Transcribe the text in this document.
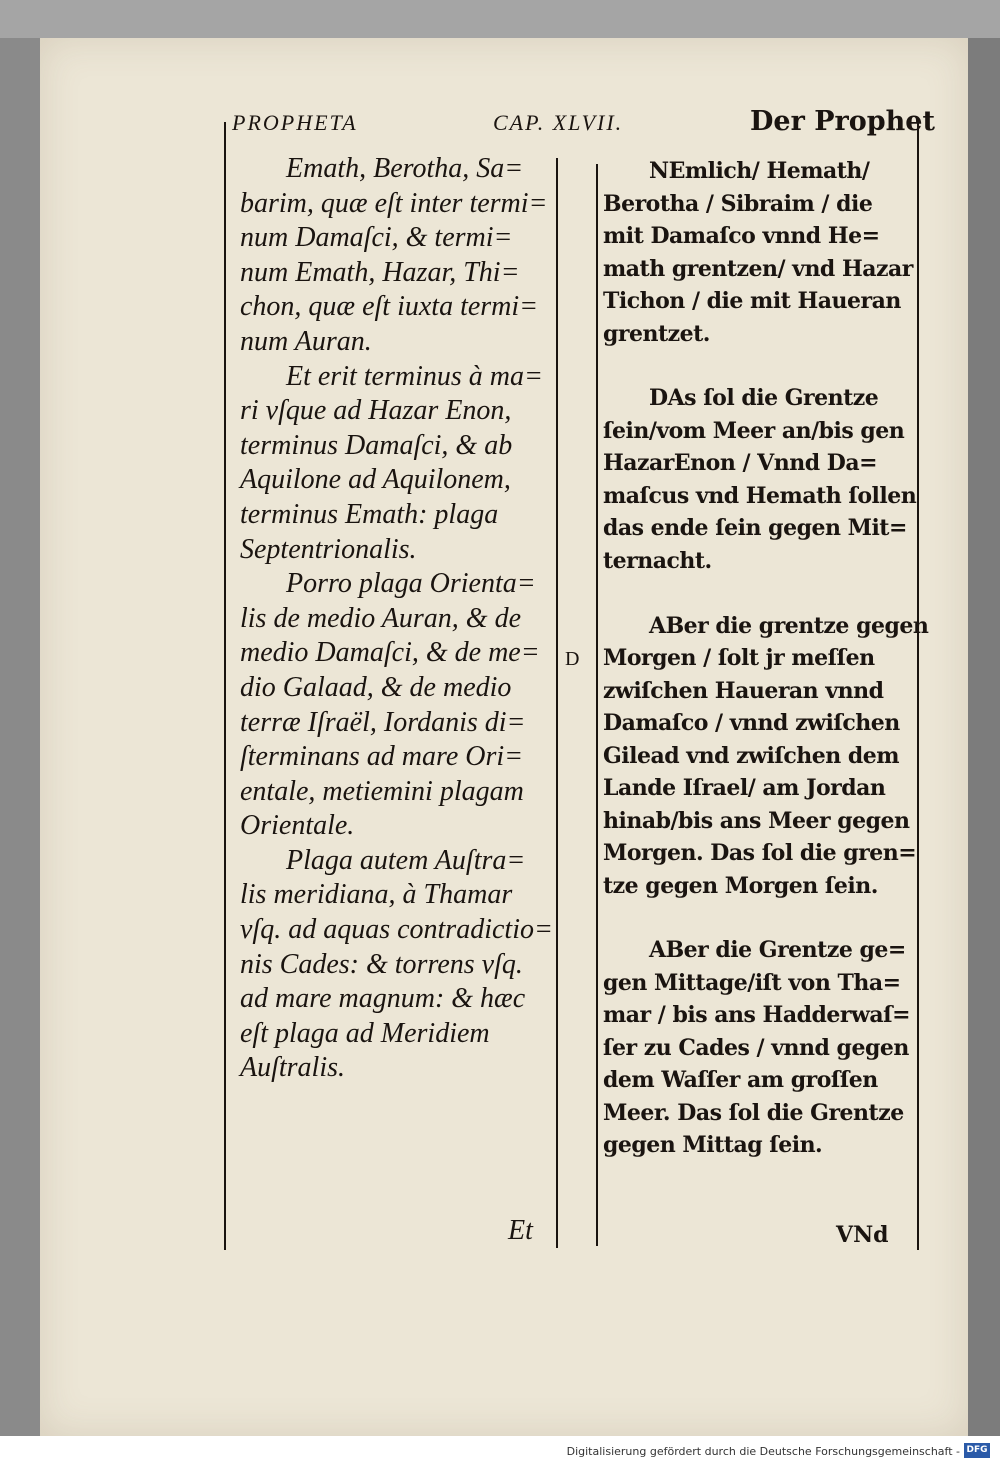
PROPHETA	CAP. XLVII.	Der Prophet
Emath, Berotha, Sa=
barim, quæ eſt inter termi=
num Damaſci, & termi=
num Emath, Hazar, Thi=
chon, quæ eſt iuxta termi=
num Auran.
Et erit terminus à ma=
ri vſque ad Hazar Enon,
terminus Damaſci, & ab
Aquilone ad Aquilonem,
terminus Emath: plaga
Septentrionalis.
Porro plaga Orienta=
lis de medio Auran, & de
medio Damaſci, & de me=
dio Galaad, & de medio
terræ Iſraël, Iordanis di=
ſterminans ad mare Ori=
entale, metiemini plagam
Orientale.
Plaga autem Auſtra=
lis meridiana, à Thamar
vſq. ad aquas contradictio=
nis Cades: & torrens vſq.
ad mare magnum: & hæc
eſt plaga ad Meridiem
Auſtralis.
D
NEmlich/ Hemath/
Berotha / Sibraim / die
mit Damaſco vnnd He=
math grentzen/ vnd Hazar
Tichon / die mit Haueran
grentzet.
DAs ſol die Grentze
ſein/vom Meer an/bis gen
HazarEnon / Vnnd Da=
maſcus vnd Hemath ſollen
das ende ſein gegen Mit=
ternacht.
ABer die grentze gegen
Morgen / ſolt jr meſſen
zwiſchen Haueran vnnd
Damaſco / vnnd zwiſchen
Gilead vnd zwiſchen dem
Lande Iſrael/ am Jordan
hinab/bis ans Meer gegen
Morgen. Das ſol die gren=
tze gegen Morgen ſein.
ABer die Grentze ge=
gen Mittage/iſt von Tha=
mar / bis ans Hadderwaſ=
ſer zu Cades / vnnd gegen
dem Waſſer am groſſen
Meer. Das ſol die Grentze
gegen Mittag ſein.
Et	VNd
Digitalisierung gefördert durch die Deutsche Forschungsgemeinschaft - DFG
